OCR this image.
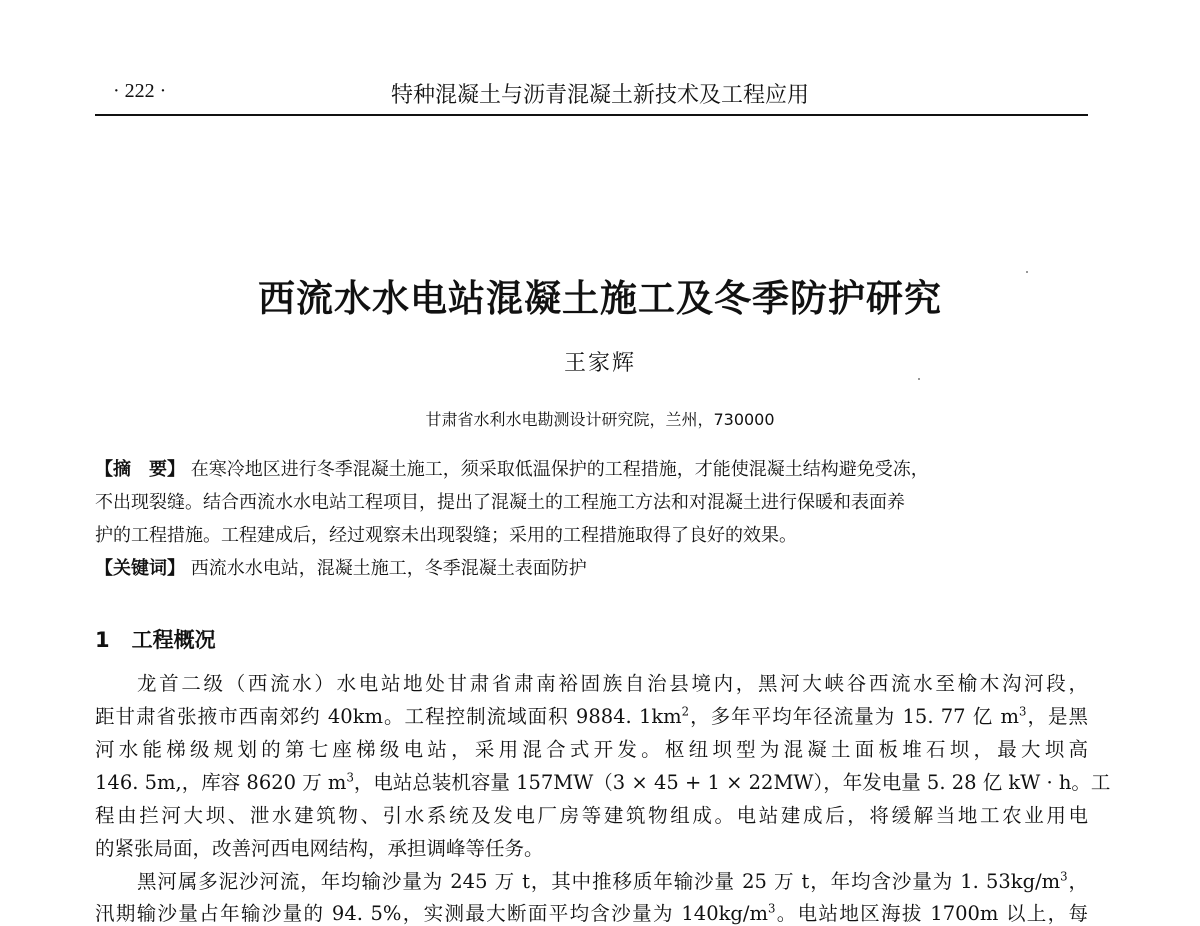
· 222 ·	特种混凝土与沥青混凝土新技术及工程应用
西流水水电站混凝土施工及冬季防护研究
王家辉
甘肃省水利水电勘测设计研究院，兰州，730000
【摘　要】 在寒冷地区进行冬季混凝土施工，须采取低温保护的工程措施，才能使混凝土结构避免受冻，
不出现裂缝。结合西流水水电站工程项目，提出了混凝土的工程施工方法和对混凝土进行保暖和表面养
护的工程措施。工程建成后，经过观察未出现裂缝；采用的工程措施取得了良好的效果。
【关键词】 西流水水电站，混凝土施工，冬季混凝土表面防护
1 工程概况
龙首二级（西流水）水电站地处甘肃省肃南裕固族自治县境内，黑河大峡谷西流水至榆木沟河段，
距甘肃省张掖市西南郊约 40km。工程控制流域面积 9884. $1km^2$，多年平均年径流量为 15. 77 亿 $m^3$，是黑
河水能梯级规划的第七座梯级电站，采用混合式开发。枢纽坝型为混凝土面板堆石坝，最大坝高
146. 5m,，库容 8620 万 $m^3$，电站总装机容量 157MW（3 × 45 + 1 × 22MW），年发电量 5. 28 亿 kW · h。工
程由拦河大坝、泄水建筑物、引水系统及发电厂房等建筑物组成。电站建成后，将缓解当地工农业用电
的紧张局面，改善河西电网结构，承担调峰等任务。
黑河属多泥沙河流，年均输沙量为 245 万 t，其中推移质年输沙量 25 万 t，年均含沙量为 1. $53kg/m^3$，
汛期输沙量占年输沙量的 94. 5%，实测最大断面平均含沙量为 $140kg/m^3$。电站地区海拔 1700m 以上，每
